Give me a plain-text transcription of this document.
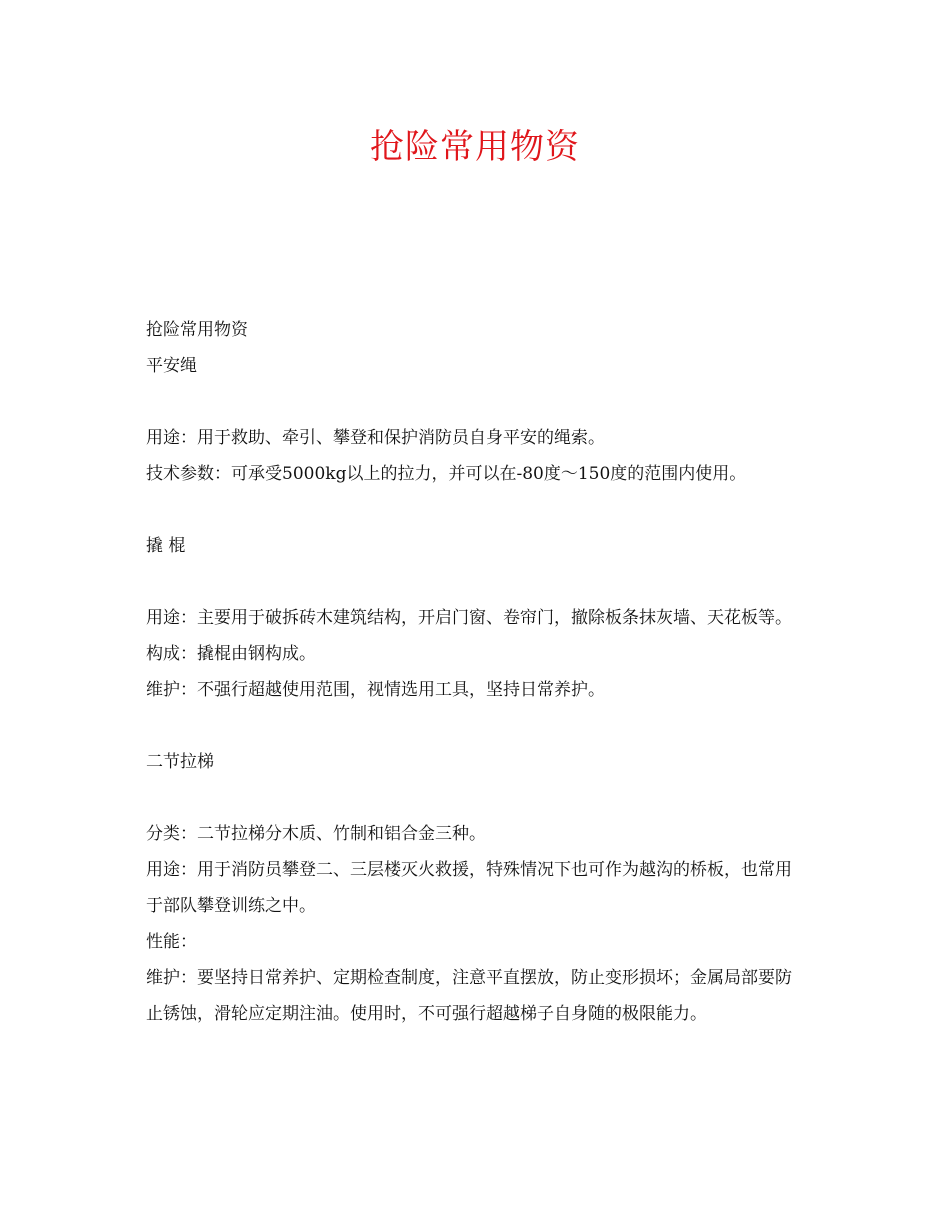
抢险常用物资

抢险常用物资

平安绳

用途：用于救助、牵引、攀登和保护消防员自身平安的绳索。

技术参数：可承受5000kg以上的拉力，并可以在-80度～150度的范围内使用。

撬 棍

用途：主要用于破拆砖木建筑结构，开启门窗、卷帘门，撤除板条抹灰墙、天花板等。

构成：撬棍由钢构成。

维护：不强行超越使用范围，视情选用工具，坚持日常养护。

二节拉梯

分类：二节拉梯分木质、竹制和铝合金三种。

用途：用于消防员攀登二、三层楼灭火救援，特殊情况下也可作为越沟的桥板，也常用于部队攀登训练之中。

性能：

维护：要坚持日常养护、定期检查制度，注意平直摆放，防止变形损坏；金属局部要防止锈蚀，滑轮应定期注油。使用时，不可强行超越梯子自身随的极限能力。
